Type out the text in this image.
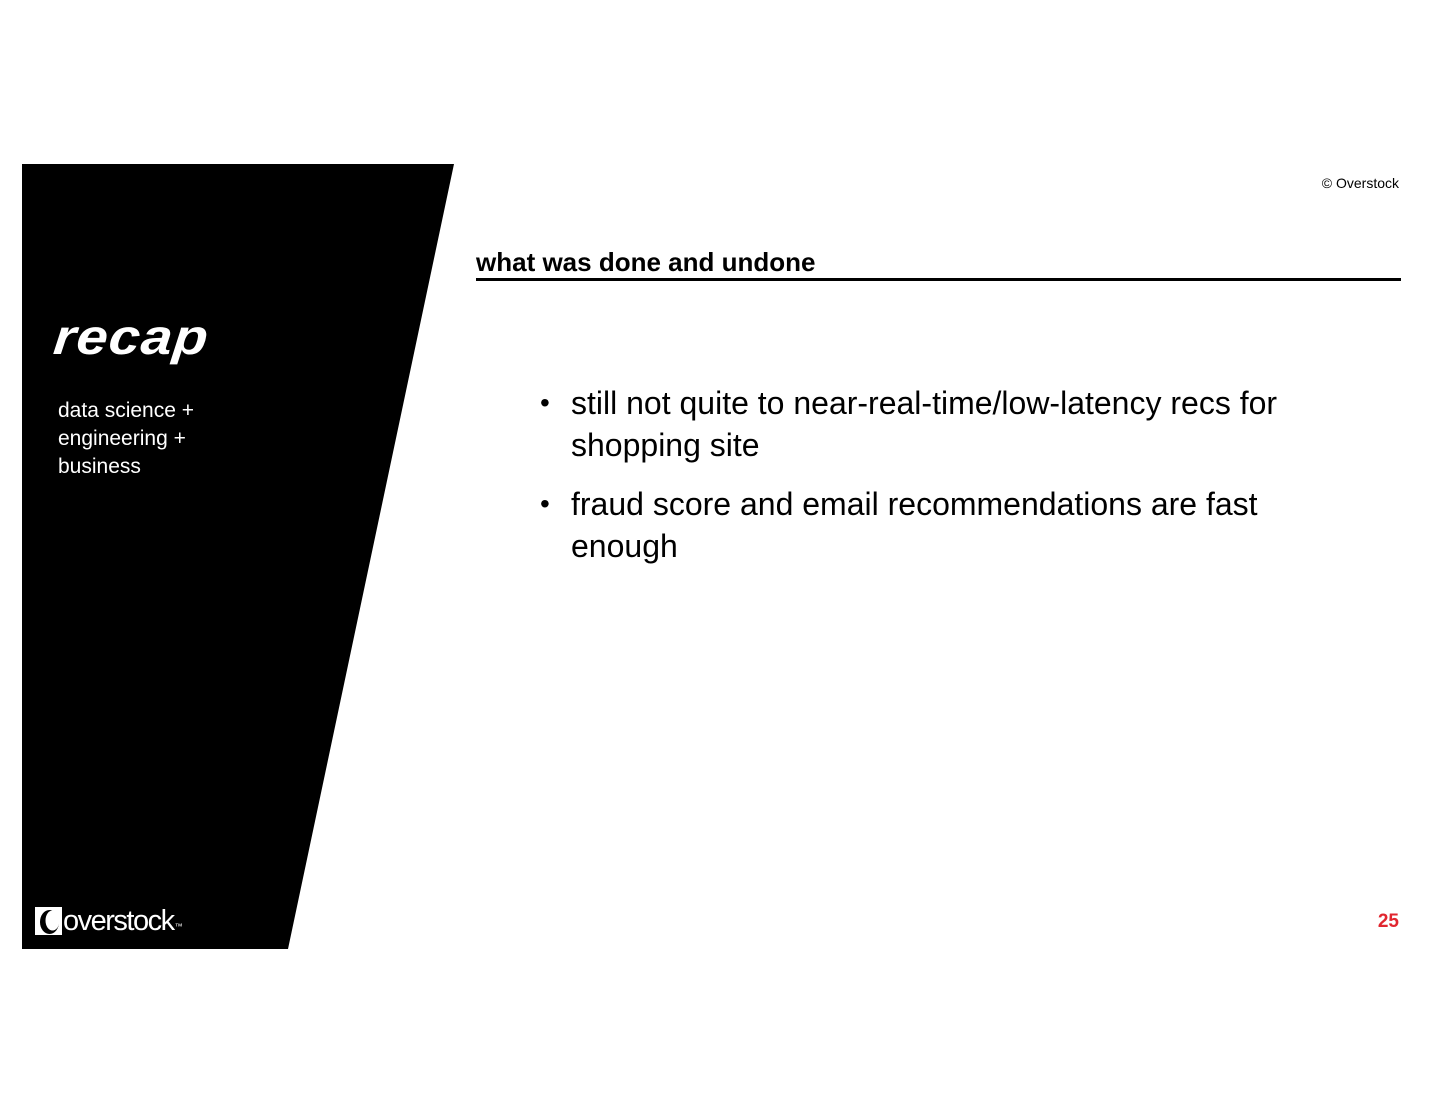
recap

data science +
engineering +
business

overstock ™

© Overstock

what was done and undone
• still not quite to near-real-time/low-latency recs for shopping site
• fraud score and email recommendations are fast enough

25
